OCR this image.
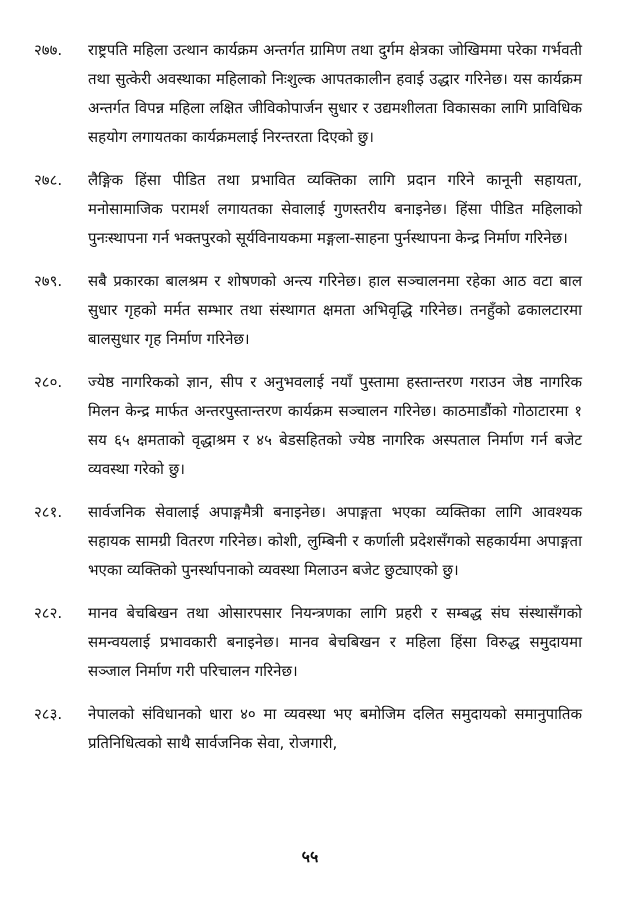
२७७.	राष्ट्रपति महिला उत्थान कार्यक्रम अन्तर्गत ग्रामिण तथा दुर्गम क्षेत्रका जोखिममा परेका गर्भवती तथा सुत्केरी अवस्थाका महिलाको निःशुल्क आपतकालीन हवाई उद्धार गरिनेछ। यस कार्यक्रम अन्तर्गत विपन्न महिला लक्षित जीविकोपार्जन सुधार र उद्यमशीलता विकासका लागि प्राविधिक सहयोग लगायतका कार्यक्रमलाई निरन्तरता दिएको छु।
२७८.	लैङ्गिक हिंसा पीडित तथा प्रभावित व्यक्तिका लागि प्रदान गरिने कानूनी सहायता, मनोसामाजिक परामर्श लगायतका सेवालाई गुणस्तरीय बनाइनेछ। हिंसा पीडित महिलाको पुनःस्थापना गर्न भक्तपुरको सूर्यविनायकमा मङ्गला-साहना पुर्नस्थापना केन्द्र निर्माण गरिनेछ।
२७९.	सबै प्रकारका बालश्रम र शोषणको अन्त्य गरिनेछ। हाल सञ्चालनमा रहेका आठ वटा बाल सुधार गृहको मर्मत सम्भार तथा संस्थागत क्षमता अभिवृद्धि गरिनेछ। तनहुँको ढकालटारमा बालसुधार गृह निर्माण गरिनेछ।
२८०.	ज्येष्ठ नागरिकको ज्ञान, सीप र अनुभवलाई नयाँ पुस्तामा हस्तान्तरण गराउन जेष्ठ नागरिक मिलन केन्द्र मार्फत अन्तरपुस्तान्तरण कार्यक्रम सञ्चालन गरिनेछ। काठमाडौंको गोठाटारमा १ सय ६५ क्षमताको वृद्धाश्रम र ४५ बेडसहितको ज्येष्ठ नागरिक अस्पताल निर्माण गर्न बजेट व्यवस्था गरेको छु।
२८१.	सार्वजनिक सेवालाई अपाङ्गमैत्री बनाइनेछ। अपाङ्गता भएका व्यक्तिका लागि आवश्यक सहायक सामग्री वितरण गरिनेछ। कोशी, लुम्बिनी र कर्णाली प्रदेशसँगको सहकार्यमा अपाङ्गता भएका व्यक्तिको पुनर्स्थापनाको व्यवस्था मिलाउन बजेट छुट्याएको छु।
२८२.	मानव बेचबिखन तथा ओसारपसार नियन्त्रणका लागि प्रहरी र सम्बद्ध संघ संस्थासँगको समन्वयलाई प्रभावकारी बनाइनेछ। मानव बेचबिखन र महिला हिंसा विरुद्ध समुदायमा सञ्जाल निर्माण गरी परिचालन गरिनेछ।
२८३.	नेपालको संविधानको धारा ४० मा व्यवस्था भए बमोजिम दलित समुदायको समानुपातिक प्रतिनिधित्वको साथै सार्वजनिक सेवा, रोजगारी,
५५
